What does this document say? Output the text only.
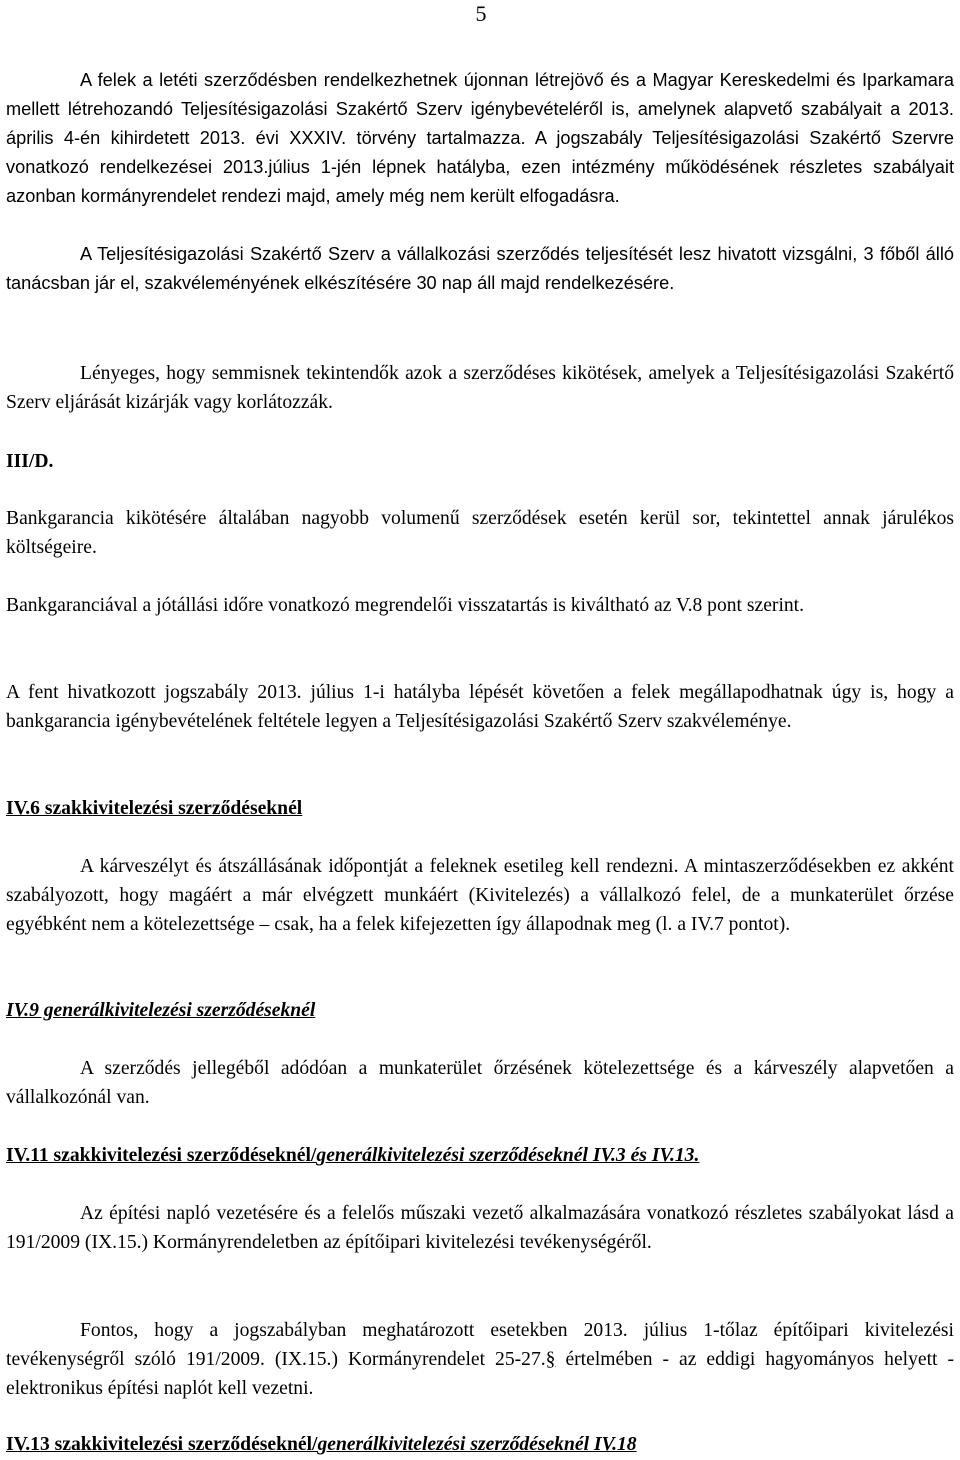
5

A felek a letéti szerződésben rendelkezhetnek újonnan létrejövő és a Magyar Kereskedelmi és Iparkamara mellett létrehozandó Teljesítésigazolási Szakértő Szerv igénybevételéről is, amelynek alapvető szabályait a 2013. április 4-én kihirdetett 2013. évi XXXIV. törvény tartalmazza. A jogszabály Teljesítésigazolási Szakértő Szervre vonatkozó rendelkezései 2013.július 1-jén lépnek hatályba, ezen intézmény működésének részletes szabályait azonban kormányrendelet rendezi majd, amely még nem került elfogadásra.

A Teljesítésigazolási Szakértő Szerv a vállalkozási szerződés teljesítését lesz hivatott vizsgálni, 3 főből álló tanácsban jár el, szakvéleményének elkészítésére 30 nap áll majd rendelkezésére.

Lényeges, hogy semmisnek tekintendők azok a szerződéses kikötések, amelyek a Teljesítésigazolási Szakértő Szerv eljárását kizárják vagy korlátozzák.

III/D.

Bankgarancia kikötésére általában nagyobb volumenű szerződések esetén kerül sor, tekintettel annak járulékos költségeire.

Bankgaranciával a jótállási időre vonatkozó megrendelői visszatartás is kiváltható az V.8 pont szerint.

A fent hivatkozott jogszabály 2013. július 1-i hatályba lépését követően a felek megállapodhatnak úgy is, hogy a bankgarancia igénybevételének feltétele legyen a Teljesítésigazolási Szakértő Szerv szakvéleménye.

IV.6 szakkivitelezési szerződéseknél

A kárveszélyt és átszállásának időpontját a feleknek esetileg kell rendezni. A mintaszerződésekben ez akként szabályozott, hogy magáért a már elvégzett munkáért (Kivitelezés) a vállalkozó felel, de a munkaterület őrzése egyébként nem a kötelezettsége – csak, ha a felek kifejezetten így állapodnak meg (l. a IV.7 pontot).

IV.9 generálkivitelezési szerződéseknél

A szerződés jellegéből adódóan a munkaterület őrzésének kötelezettsége és a kárveszély alapvetően a vállalkozónál van.

IV.11 szakkivitelezési szerződéseknél/generálkivitelezési szerződéseknél IV.3 és IV.13.

Az építési napló vezetésére és a felelős műszaki vezető alkalmazására vonatkozó részletes szabályokat lásd a 191/2009 (IX.15.) Kormányrendeletben az építőipari kivitelezési tevékenységéről.

Fontos, hogy a jogszabályban meghatározott esetekben 2013. július 1-tőlaz építőipari kivitelezési tevékenységről szóló 191/2009. (IX.15.) Kormányrendelet 25-27.§ értelmében - az eddigi hagyományos helyett - elektronikus építési naplót kell vezetni.

IV.13 szakkivitelezési szerződéseknél/generálkivitelezési szerződéseknél IV.18
